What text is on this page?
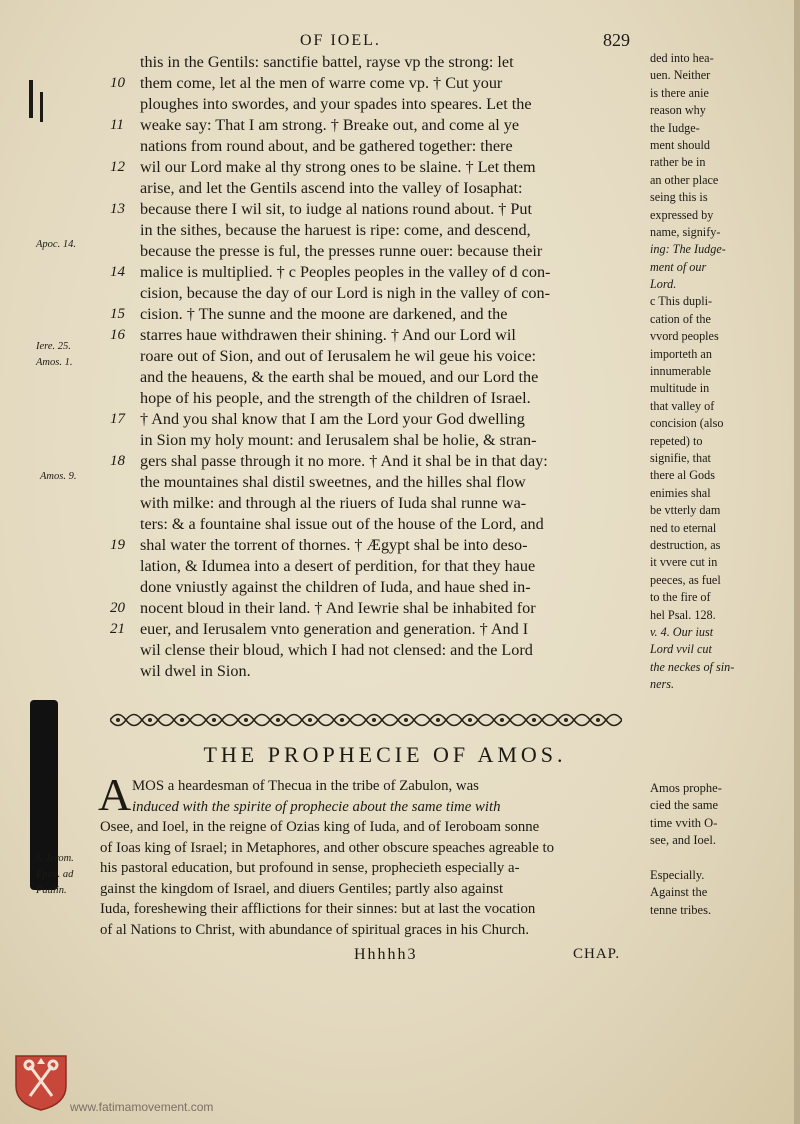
OF IOEL.	829
Apoc. 14.
Iere. 25.
Amos. 1.
Amos. 9.
this in the Gentils: sanctifie battel, rayse vp the strong: let
10 them come, let al the men of warre come vp. † Cut your
ploughes into swordes, and your spades into speares. Let the
11 weake say: That I am strong. † Breake out, and come al ye
nations from round about, and be gathered together: there
12 wil our Lord make al thy strong ones to be slaine. † Let them
arise, and let the Gentils ascend into the valley of Iosaphat:
13 because there I wil sit, to iudge al nations round about. † Put
in the sithes, because the haruest is ripe: come, and descend,
because the presse is ful, the presses runne ouer: because their
14 malice is multiplied. † c Peoples peoples in the valley of d con-
cision, because the day of our Lord is nigh in the valley of con-
15 cision. † The sunne and the moone are darkened, and the
16 starres haue withdrawen their shining. † And our Lord wil
roare out of Sion, and out of Ierusalem he wil geue his voice:
and the heauens, & the earth shal be moued, and our Lord the
hope of his people, and the strength of the children of Israel.
17 † And you shal know that I am the Lord your God dwelling
in Sion my holy mount: and Ierusalem shal be holie, & stran-
18 gers shal passe through it no more. † And it shal be in that day:
the mountaines shal distil sweetnes, and the hilles shal flow
with milke: and through al the riuers of Iuda shal runne wa-
ters: & a fountaine shal issue out of the house of the Lord, and
19 shal water the torrent of thornes. † Ægypt shal be into deso-
lation, & Idumea into a desert of perdition, for that they haue
done vniustly against the children of Iuda, and haue shed in-
20 nocent bloud in their land. † And Iewrie shal be inhabited for
21 euer, and Ierusalem vnto generation and generation. † And I
wil clense their bloud, which I had not clensed: and the Lord
wil dwel in Sion.
ded into hea-
uen. Neither
is there anie
reason why
the Iudge-
ment should
rather be in
an other place
seing this is
expressed by
name, signify-
ing: The Iudge-
ment of our
Lord.
c This dupli-
cation of the
vvord peoples
importeth an
innumerable
multitude in
that valley of
concision (also
repeted) to
signifie, that
there al Gods
enimies shal
be vtterly dam
ned to eternal
destruction, as
it vvere cut in
peeces, as fuel
to the fire of
hel Psal. 128.
v. 4. Our iust
Lord vvil cut
the neckes of sin-
ners.
THE PROPHECIE OF AMOS.
A MOS a heardesman of Thecua in the tribe of Zabulon, was
induced with the spirite of prophecie about the same time with
Osee, and Ioel, in the reigne of Ozias king of Iuda, and of Ieroboam sonne
of Ioas king of Israel; in Metaphores, and other obscure speaches agreable to
his pastoral education, but profound in sense, prophecieth especially a-
gainst the kingdom of Israel, and diuers Gentiles; partly also against
Iuda, foreshewing their afflictions for their sinnes: but at last the vocation
of al Nations to Christ, with abundance of spiritual graces in his Church.
S. Ierom.
Epist. ad
Paulin.
Amos prophe-
cied the same
time vvith O-
see, and Ioel.
Especially.
Against the
tenne tribes.
Hhhhh3	CHAP.
www.fatimamovement.com
